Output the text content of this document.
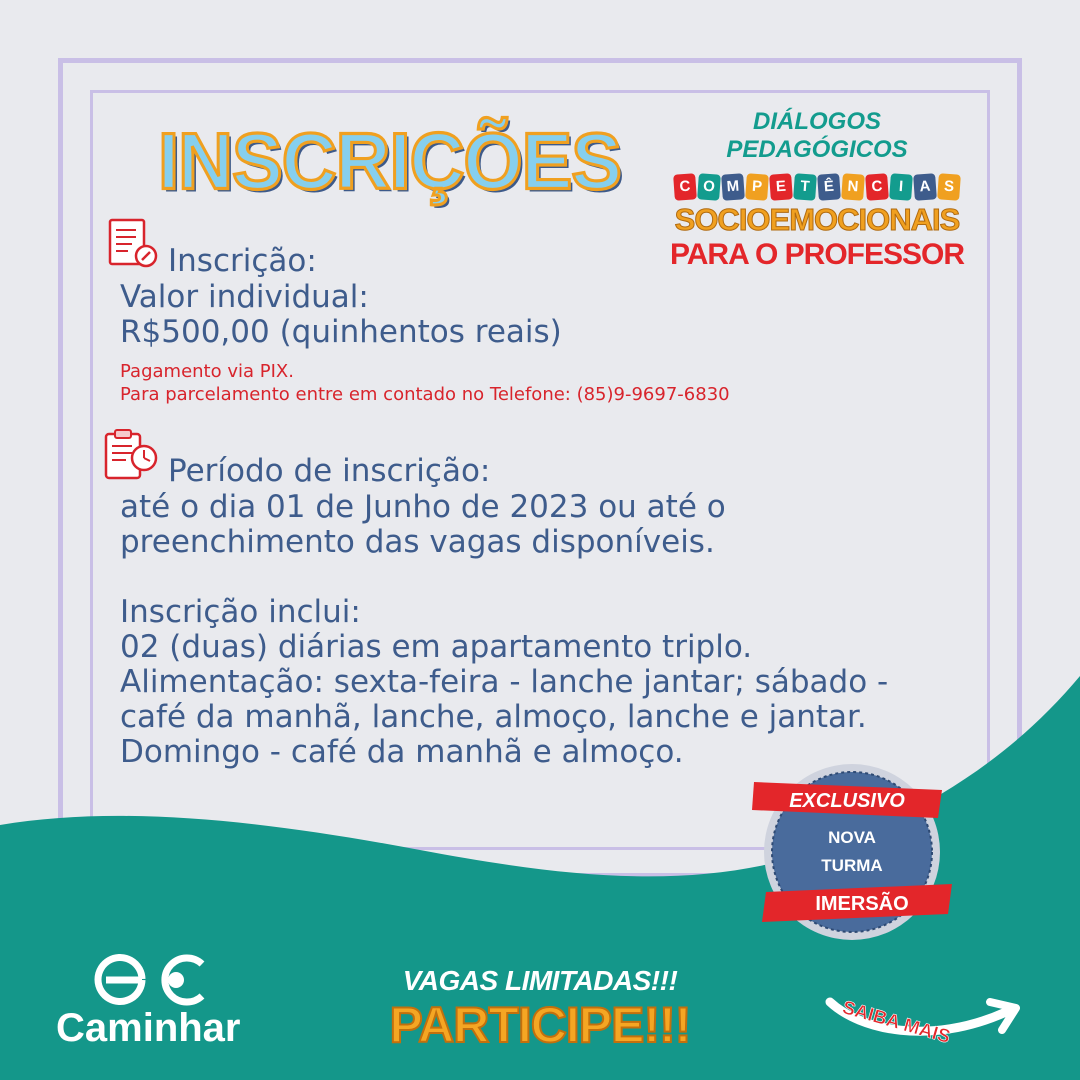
INSCRIÇÕES	DIÁLOGOS PEDAGÓGICOS
C O M P E T Ê N C	I	A S
SOCIOEMOCIONAIS
PARA O PROFESSOR
Inscrição:
Valor individual:
R$500,00 (quinhentos reais)
Pagamento via PIX.
Para parcelamento entre em contado no Telefone: (85)9-9697-6830
Período de inscrição:
até o dia 01 de Junho de 2023 ou até o
preenchimento das vagas disponíveis.
Inscrição inclui:
02 (duas) diárias em apartamento triplo.
Alimentação: sexta-feira - lanche jantar; sábado -
café da manhã, lanche, almoço, lanche e jantar.
Domingo - café da manhã e almoço.
EXCLUSIVO
NOVA
TURMA
IMERSÃO
Caminhar
VAGAS LIMITADAS!!!
PARTICIPE!!!	SAIBA MAIS
